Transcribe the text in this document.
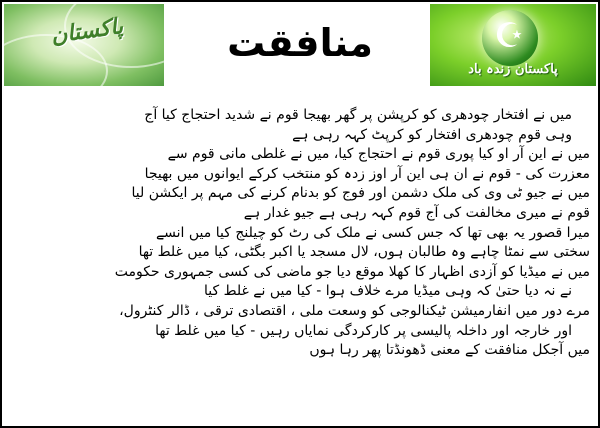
پاکستان	منافقت	☪
پاکستان زندہ باد
میں نے افتخار چودھری کو کرپشن پر گھر بھیجا قوم نے شدید احتجاج کیا آج
وہی قوم چودھری افتخار کو کرپٹ کہہ رہی ہے
میں نے این آر او کیا پوری قوم نے احتجاج کیا، میں نے غلطی مانی قوم سے
معزرت کی - قوم نے ان ہی این آر اوز زدہ کو منتخب کرکے ایوانوں میں بھیجا
میں نے جیو ٹی وی کی ملک دشمن اور فوج کو بدنام کرنے کی مہم پر ایکشن لیا
قوم نے میری مخالفت کی آج قوم کہہ رہی ہے جیو غدار ہے
میرا قصور یہ بھی تھا کہ جس کسی نے ملک کی رٹ کو چیلنج کیا میں انسے
سختی سے نمٹا چاہے وہ طالبان ہوں، لال مسجد یا اکبر بگٹی، کیا میں غلط تھا
میں نے میڈیا کو آزدی اظہار کا کھلا موقع دیا جو ماضی کی کسی جمہوری حکومت
نے نہ دیا حتیٰ کہ وہی میڈیا مرے خلاف ہوا - کیا میں نے غلط کیا
مرے دور میں انفارمیشن ٹیکنالوجی کو وسعت ملی ، اقتصادی ترقی ، ڈالر کنٹرول،
اور خارجہ اور داخلہ پالیسی پر کارکردگی نمایاں رہیں - کیا میں غلط تھا
میں آجکل منافقت کے معنی ڈھونڈتا پھر رہا ہوں
